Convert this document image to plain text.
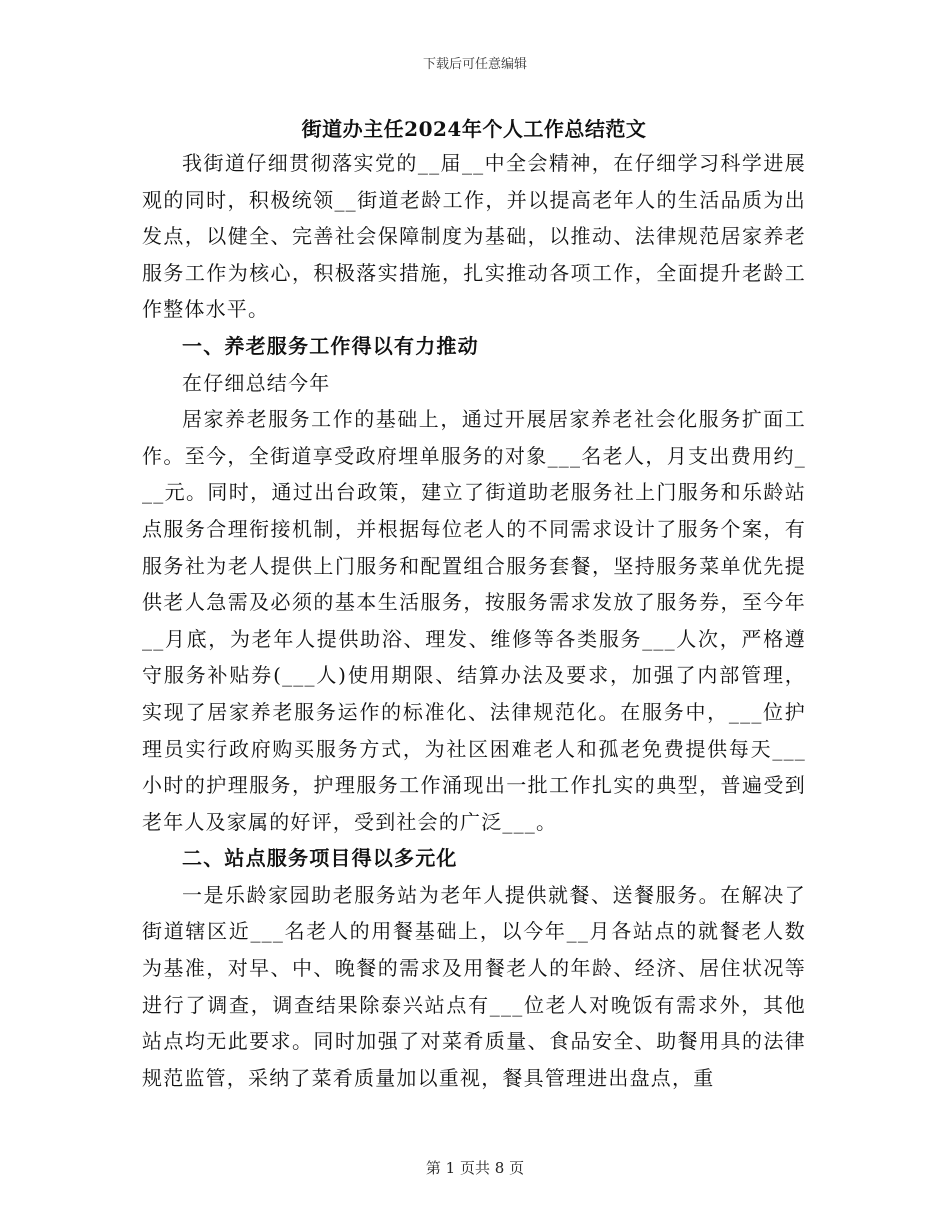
下载后可任意编辑
街道办主任2024年个人工作总结范文

我街道仔细贯彻落实党的__届__中全会精神，在仔细学习科学进展观的同时，积极统领__街道老龄工作，并以提高老年人的生活品质为出发点，以健全、完善社会保障制度为基础，以推动、法律规范居家养老服务工作为核心，积极落实措施，扎实推动各项工作，全面提升老龄工作整体水平。

一、养老服务工作得以有力推动

在仔细总结今年

居家养老服务工作的基础上，通过开展居家养老社会化服务扩面工作。至今，全街道享受政府埋单服务的对象___名老人，月支出费用约___元。同时，通过出台政策，建立了街道助老服务社上门服务和乐龄站点服务合理衔接机制，并根据每位老人的不同需求设计了服务个案，有服务社为老人提供上门服务和配置组合服务套餐，坚持服务菜单优先提供老人急需及必须的基本生活服务，按服务需求发放了服务券，至今年__月底，为老年人提供助浴、理发、维修等各类服务___人次，严格遵守服务补贴券(___人)使用期限、结算办法及要求，加强了内部管理，实现了居家养老服务运作的标准化、法律规范化。在服务中，___位护理员实行政府购买服务方式，为社区困难老人和孤老免费提供每天___小时的护理服务，护理服务工作涌现出一批工作扎实的典型，普遍受到老年人及家属的好评，受到社会的广泛___。

二、站点服务项目得以多元化

一是乐龄家园助老服务站为老年人提供就餐、送餐服务。在解决了街道辖区近___名老人的用餐基础上，以今年__月各站点的就餐老人数为基准，对早、中、晚餐的需求及用餐老人的年龄、经济、居住状况等进行了调查，调查结果除泰兴站点有___位老人对晚饭有需求外，其他站点均无此要求。同时加强了对菜肴质量、食品安全、助餐用具的法律规范监管，采纳了菜肴质量加以重视，餐具管理进出盘点，重

第 1 页共 8 页
